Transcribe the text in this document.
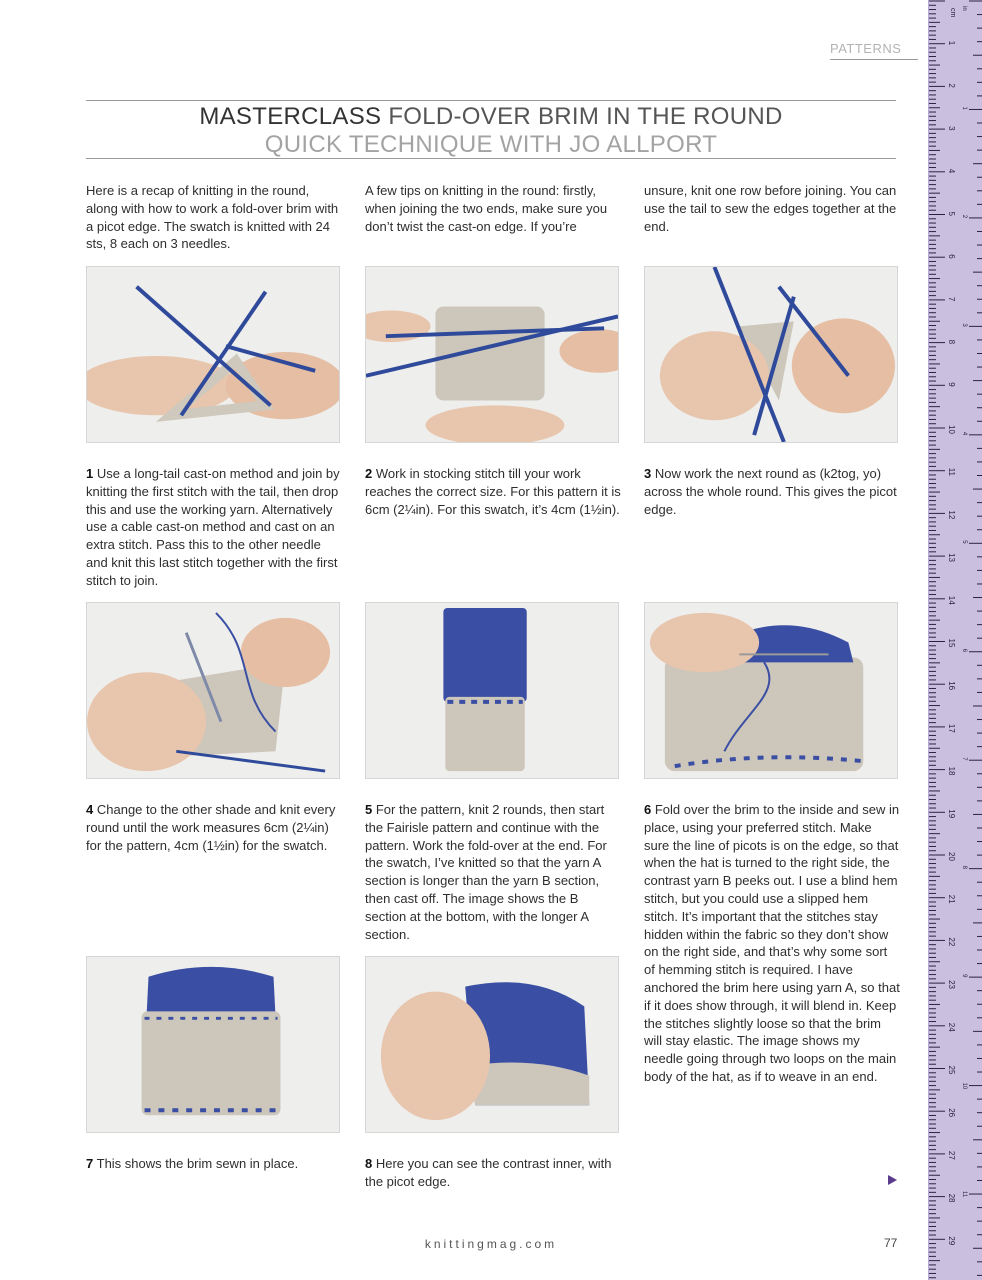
PATTERNS
MASTERCLASS FOLD-OVER BRIM IN THE ROUND
QUICK TECHNIQUE WITH JO ALLPORT

Here is a recap of knitting in the round, along with how to work a fold-over brim with a picot edge. The swatch is knitted with 24 sts, 8 each on 3 needles.

A few tips on knitting in the round: firstly, when joining the two ends, make sure you don’t twist the cast-on edge. If you’re

unsure, knit one row before joining. You can use the tail to sew the edges together at the end.

1 Use a long-tail cast-on method and join by knitting the first stitch with the tail, then drop this and use the working yarn. Alternatively use a cable cast-on method and cast on an extra stitch. Pass this to the other needle and knit this last stitch together with the first stitch to join.

2 Work in stocking stitch till your work reaches the correct size. For this pattern it is 6cm (2¼in). For this swatch, it’s 4cm (1½in).

3 Now work the next round as (k2tog, yo) across the whole round. This gives the picot edge.

4 Change to the other shade and knit every round until the work measures 6cm (2¼in) for the pattern, 4cm (1½in) for the swatch.

5 For the pattern, knit 2 rounds, then start the Fairisle pattern and continue with the pattern. Work the fold-over at the end. For the swatch, I’ve knitted so that the yarn A section is longer than the yarn B section, then cast off. The image shows the B section at the bottom, with the longer A section.

6 Fold over the brim to the inside and sew in place, using your preferred stitch. Make sure the line of picots is on the edge, so that when the hat is turned to the right side, the contrast yarn B peeks out. I use a blind hem stitch, but you could use a slipped hem stitch. It’s important that the stitches stay hidden within the fabric so they don’t show on the right side, and that’s why some sort of hemming stitch is required. I have anchored the brim here using yarn A, so that if it does show through, it will blend in. Keep the stitches slightly loose so that the brim will stay elastic. The image shows my needle going through two loops on the main body of the hat, as if to weave in an end.

7 This shows the brim sewn in place.	8 Here you can see the contrast inner, with the picot edge.

knittingmag.com	77
cm
1
2
3
4
5
6
7
8
9
10
11
12
13
14
15
16
17
18
19
20
21
22
23
24
25
26
27
28
29
in
1
2
3
4
5
6
7
8
9
10
11
